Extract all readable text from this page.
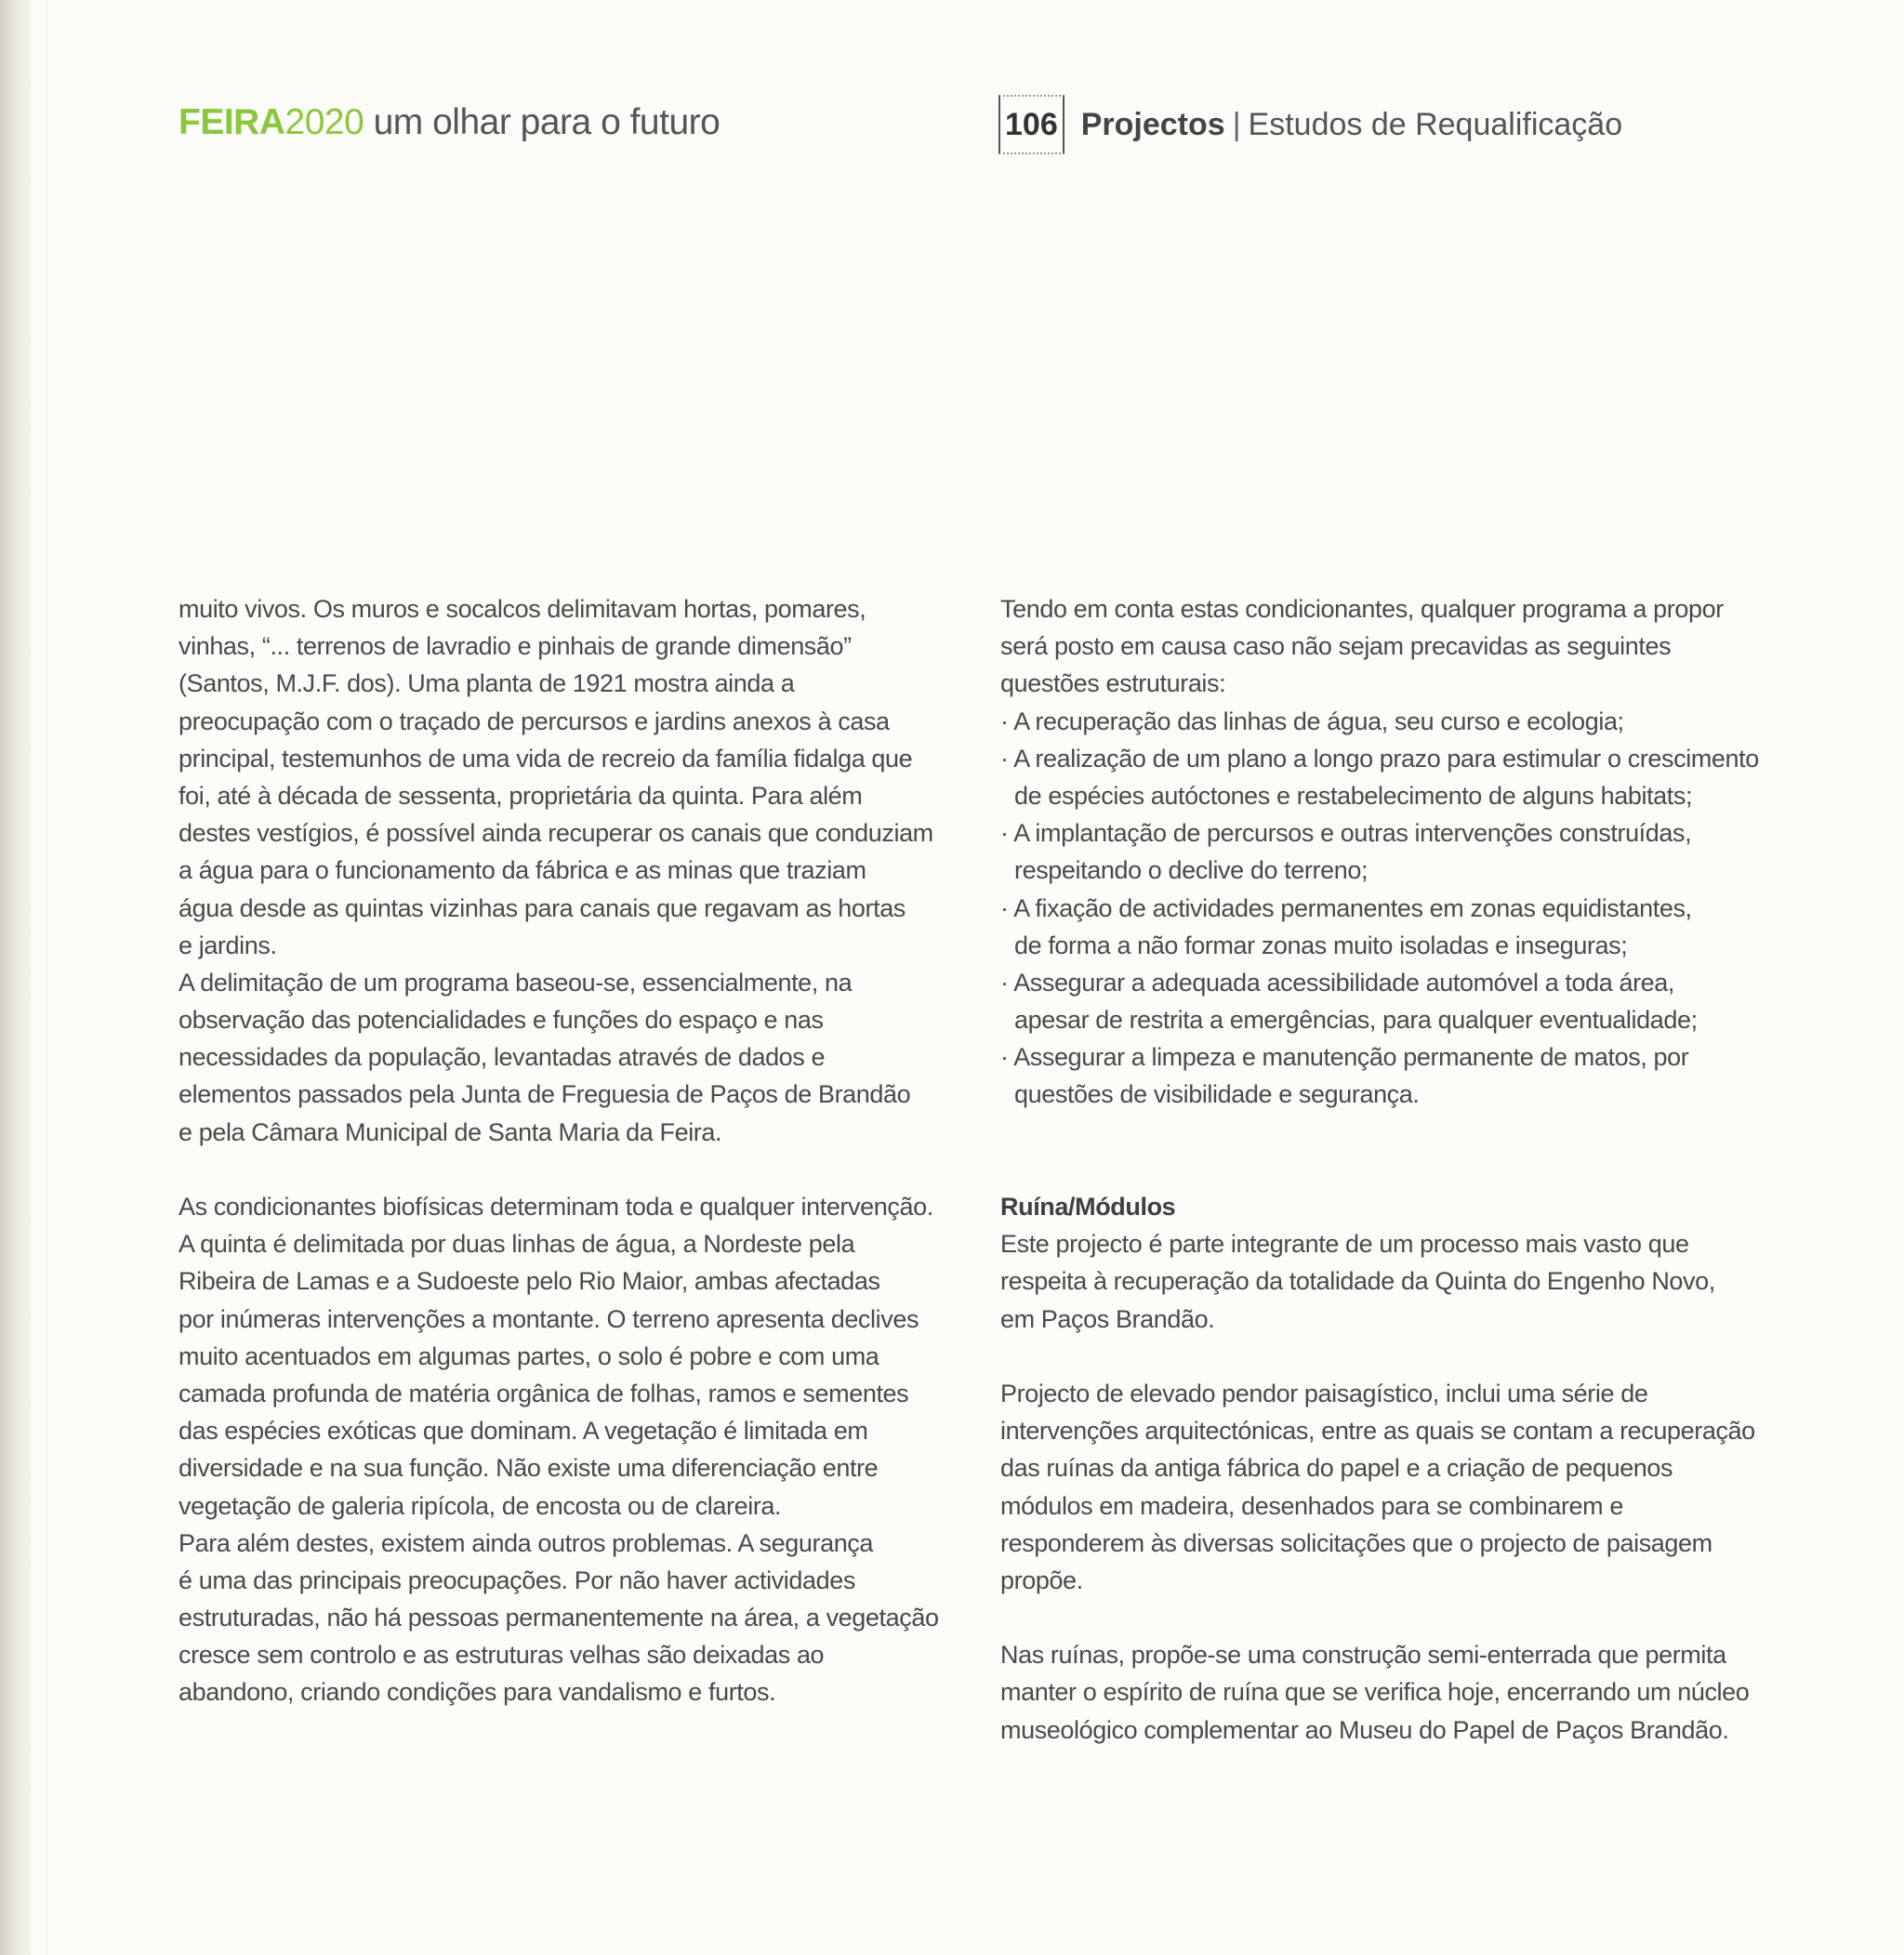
FEIRA2020 um olhar para o futuro	106 Projectos | Estudos de Requalificação
muito vivos. Os muros e socalcos delimitavam hortas, pomares,
vinhas, “... terrenos de lavradio e pinhais de grande dimensão”
(Santos, M.J.F. dos). Uma planta de 1921 mostra ainda a
preocupação com o traçado de percursos e jardins anexos à casa
principal, testemunhos de uma vida de recreio da família fidalga que
foi, até à década de sessenta, proprietária da quinta. Para além
destes vestígios, é possível ainda recuperar os canais que conduziam
a água para o funcionamento da fábrica e as minas que traziam
água desde as quintas vizinhas para canais que regavam as hortas
e jardins.
A delimitação de um programa baseou-se, essencialmente, na
observação das potencialidades e funções do espaço e nas
necessidades da população, levantadas através de dados e
elementos passados pela Junta de Freguesia de Paços de Brandão
e pela Câmara Municipal de Santa Maria da Feira.
As condicionantes biofísicas determinam toda e qualquer intervenção.
A quinta é delimitada por duas linhas de água, a Nordeste pela
Ribeira de Lamas e a Sudoeste pelo Rio Maior, ambas afectadas
por inúmeras intervenções a montante. O terreno apresenta declives
muito acentuados em algumas partes, o solo é pobre e com uma
camada profunda de matéria orgânica de folhas, ramos e sementes
das espécies exóticas que dominam. A vegetação é limitada em
diversidade e na sua função. Não existe uma diferenciação entre
vegetação de galeria ripícola, de encosta ou de clareira.
Para além destes, existem ainda outros problemas. A segurança
é uma das principais preocupações. Por não haver actividades
estruturadas, não há pessoas permanentemente na área, a vegetação
cresce sem controlo e as estruturas velhas são deixadas ao
abandono, criando condições para vandalismo e furtos.
Tendo em conta estas condicionantes, qualquer programa a propor
será posto em causa caso não sejam precavidas as seguintes
questões estruturais:
· A recuperação das linhas de água, seu curso e ecologia;
· A realização de um plano a longo prazo para estimular o crescimento
de espécies autóctones e restabelecimento de alguns habitats;
· A implantação de percursos e outras intervenções construídas,
respeitando o declive do terreno;
· A fixação de actividades permanentes em zonas equidistantes,
de forma a não formar zonas muito isoladas e inseguras;
· Assegurar a adequada acessibilidade automóvel a toda área,
apesar de restrita a emergências, para qualquer eventualidade;
· Assegurar a limpeza e manutenção permanente de matos, por
questões de visibilidade e segurança.
Ruína/Módulos
Este projecto é parte integrante de um processo mais vasto que
respeita à recuperação da totalidade da Quinta do Engenho Novo,
em Paços Brandão.
Projecto de elevado pendor paisagístico, inclui uma série de
intervenções arquitectónicas, entre as quais se contam a recuperação
das ruínas da antiga fábrica do papel e a criação de pequenos
módulos em madeira, desenhados para se combinarem e
responderem às diversas solicitações que o projecto de paisagem
propõe.
Nas ruínas, propõe-se uma construção semi-enterrada que permita
manter o espírito de ruína que se verifica hoje, encerrando um núcleo
museológico complementar ao Museu do Papel de Paços Brandão.
